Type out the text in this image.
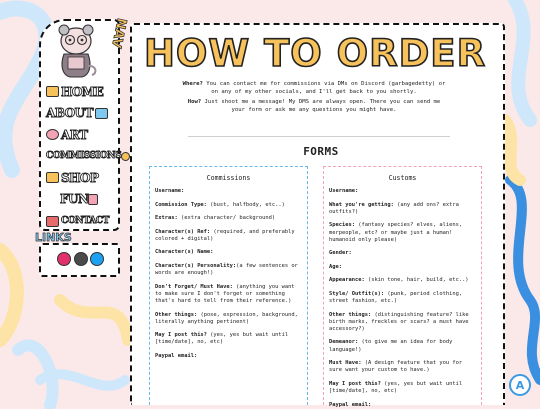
NAV
HOME
ABOUT
ART
COMMISSIONS
SHOP
FUN
CONTACT
LINKS
HOW TO ORDER
Where? You can contact me for commissions via DMs on Discord (garbagedetty) or on any of my other socials, and I'll get back to you shortly.
How? Just shoot me a message! My DMS are always open. There you can send me your form or ask me any questions you might have.
FORMS
Commissions
Username:
Commission Type: (bust, halfbody, etc..)
Extras: (extra character/ background)
Character(s) Ref: (required, and preferably colored + digital)
Character(s) Name:
Character(s) Personality:(a few sentences or words are enough!)
Don't Forget/ Must Have: (anything you want to make sure I don't forget or something that's hard to tell from their reference.)
Other things: (pose, expression, background, literally anything pertinent)
May I post this? (yes, yes but wait until [time/date], no, etc)
Paypal email:
Customs
Username:
What you're getting: (any add ons? extra outfits?)
Species: (fantasy species? elves, aliens, merpeople, etc? or maybe just a human! humanoid only please)
Gender:
Age:
Appearance: (skin tone, hair, build, etc..)
Style/ Outfit(s): (punk, period clothing, street fashion, etc.)
Other things: (distinguishing feature? like birth marks, freckles or scars? a must have accessory?)
Demeanor: (to give me an idea for body language!)
Must Have: (A design feature that you for sure want your custom to have.)
May I post this? (yes, yes but wait until [time/date], no, etc)
Paypal email:
A
